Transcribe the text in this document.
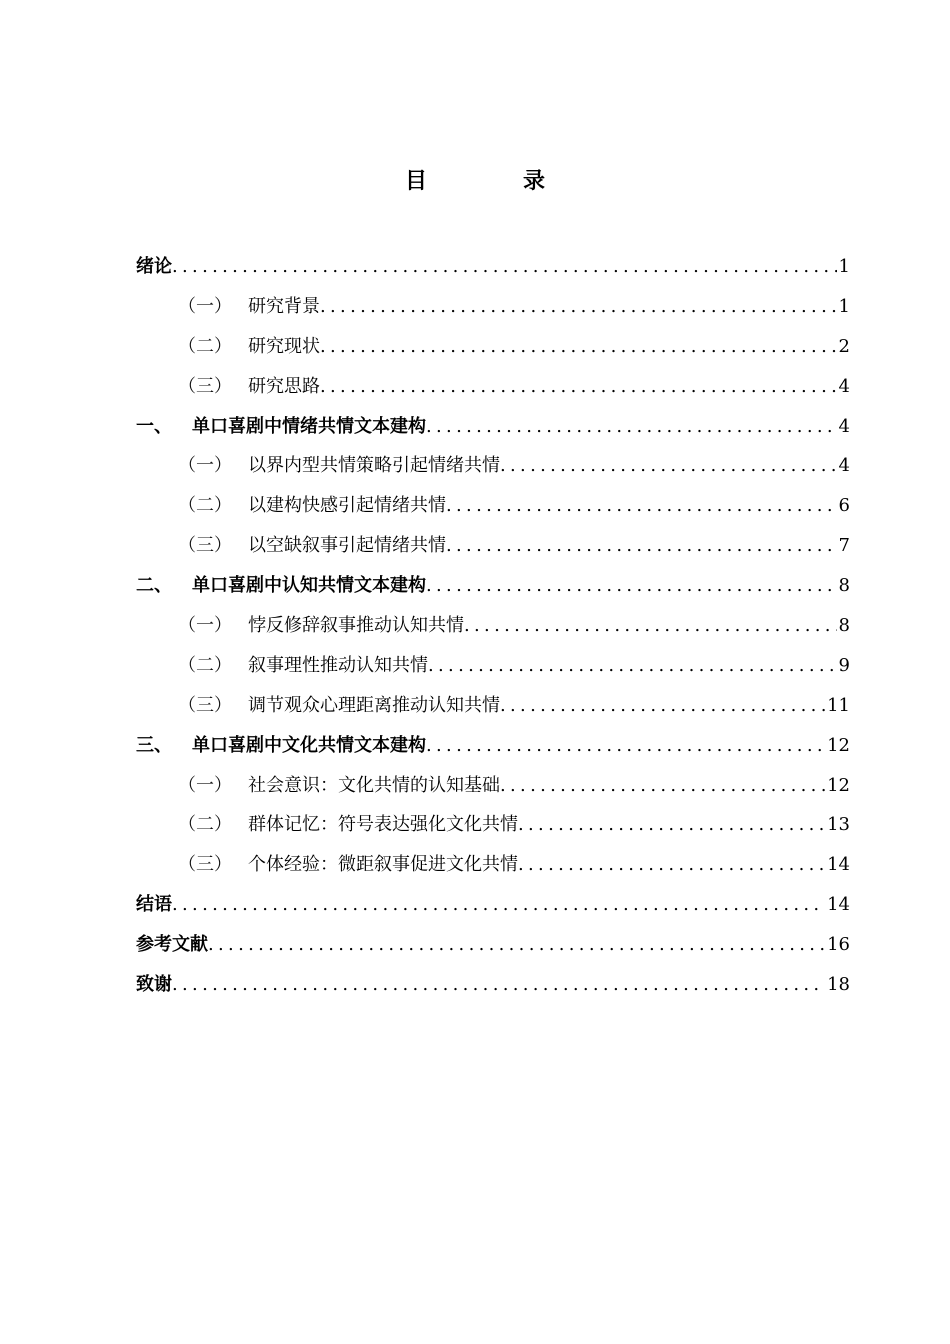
目	录
绪论 .....	1
（一） 研究背景 .....	1
（二） 研究现状 .....	2
（三） 研究思路 .....	4
一、	单口喜剧中情绪共情文本建构 .....	4
（一） 以界内型共情策略引起情绪共情 .....	4
（二） 以建构快感引起情绪共情 .....	6
（三） 以空缺叙事引起情绪共情 .....	7
二、	单口喜剧中认知共情文本建构 .....	8
（一） 悖反修辞叙事推动认知共情 .....	8
（二） 叙事理性推动认知共情 .....	9
（三） 调节观众心理距离推动认知共情 .....	11
三、	单口喜剧中文化共情文本建构 .....	12
（一） 社会意识：文化共情的认知基础 .....	12
（二） 群体记忆：符号表达强化文化共情 .....	13
（三） 个体经验：微距叙事促进文化共情 .....	14
结语 .....	14
参考文献 .....	16
致谢 .....	18
